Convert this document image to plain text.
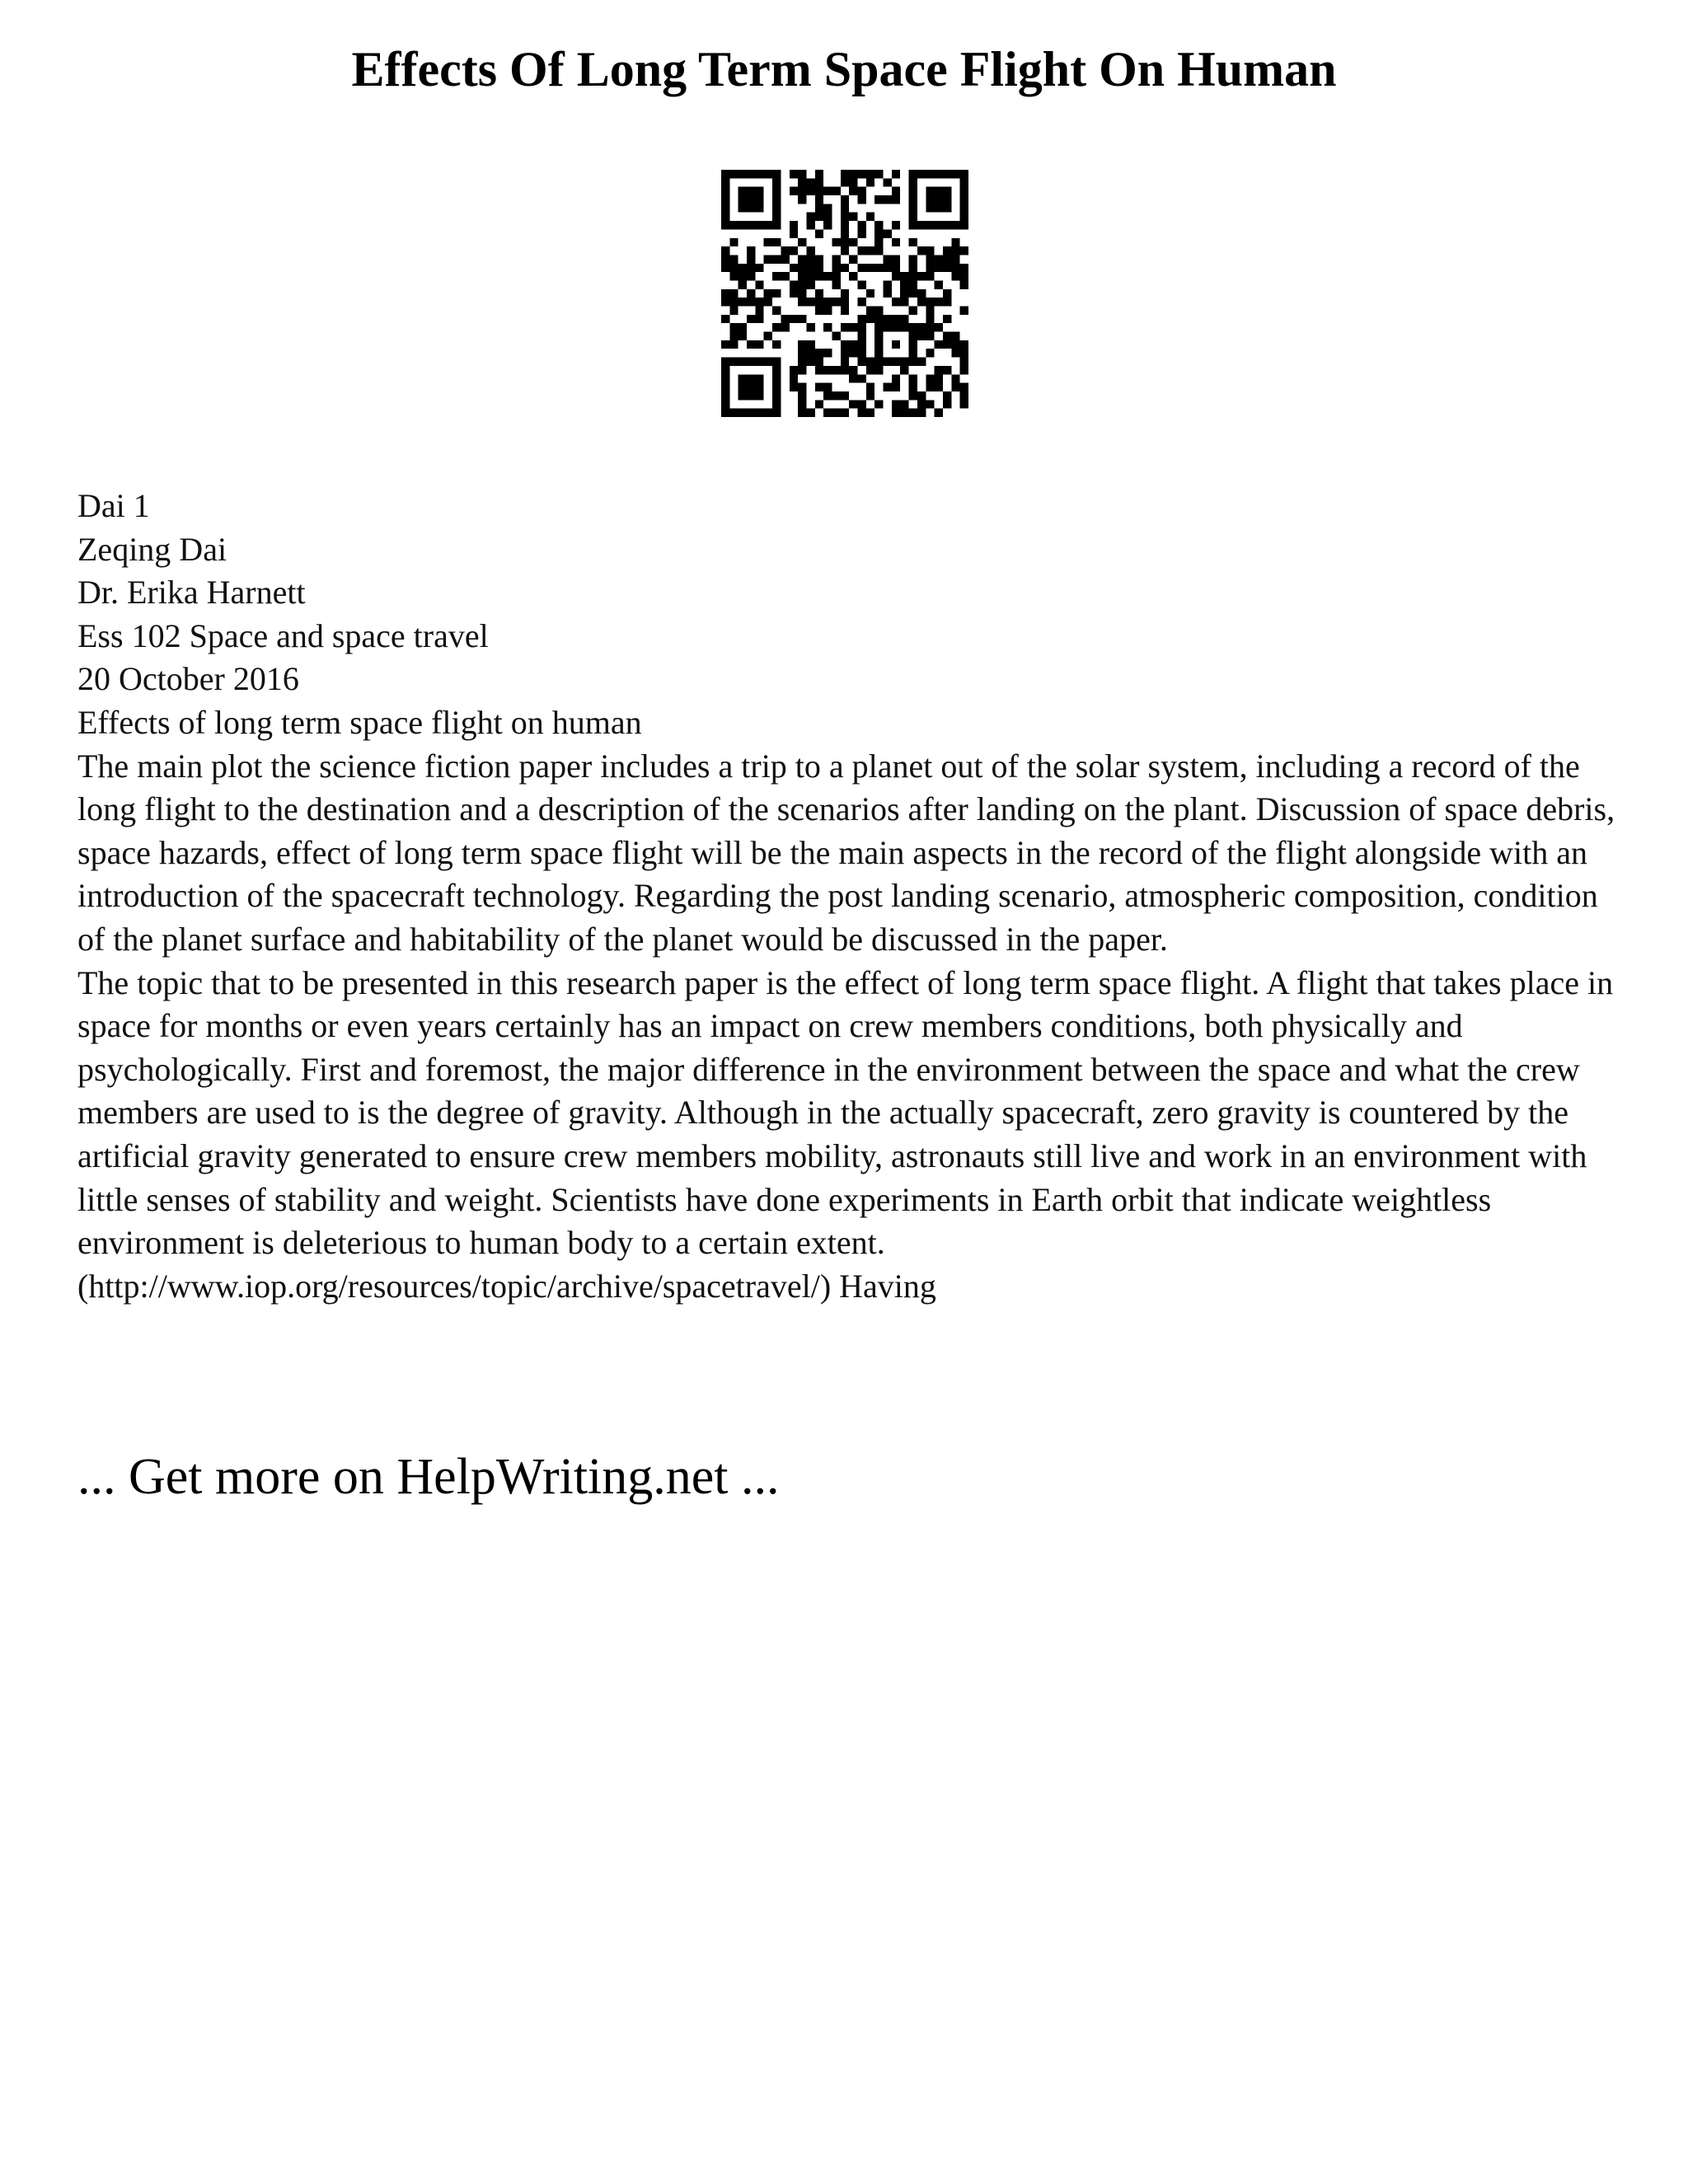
Effects Of Long Term Space Flight On Human
Dai 1
Zeqing Dai
Dr. Erika Harnett
Ess 102 Space and space travel
20 October 2016
Effects of long term space flight on human

The main plot the science fiction paper includes a trip to a planet out of the solar system, including a record of the long flight to the destination and a description of the scenarios after landing on the plant. Discussion of space debris, space hazards, effect of long term space flight will be the main aspects in the record of the flight alongside with an introduction of the spacecraft technology. Regarding the post landing scenario, atmospheric composition, condition of the planet surface and habitability of the planet would be discussed in the paper.

The topic that to be presented in this research paper is the effect of long term space flight. A flight that takes place in space for months or even years certainly has an impact on crew members conditions, both physically and psychologically. First and foremost, the major difference in the environment between the space and what the crew members are used to is the degree of gravity. Although in the actually spacecraft, zero gravity is countered by the artificial gravity generated to ensure crew members mobility, astronauts still live and work in an environment with little senses of stability and weight. Scientists have done experiments in Earth orbit that indicate weightless environment is deleterious to human body to a certain extent. (http://www.iop.org/resources/topic/archive/spacetravel/) Having

... Get more on HelpWriting.net ...
